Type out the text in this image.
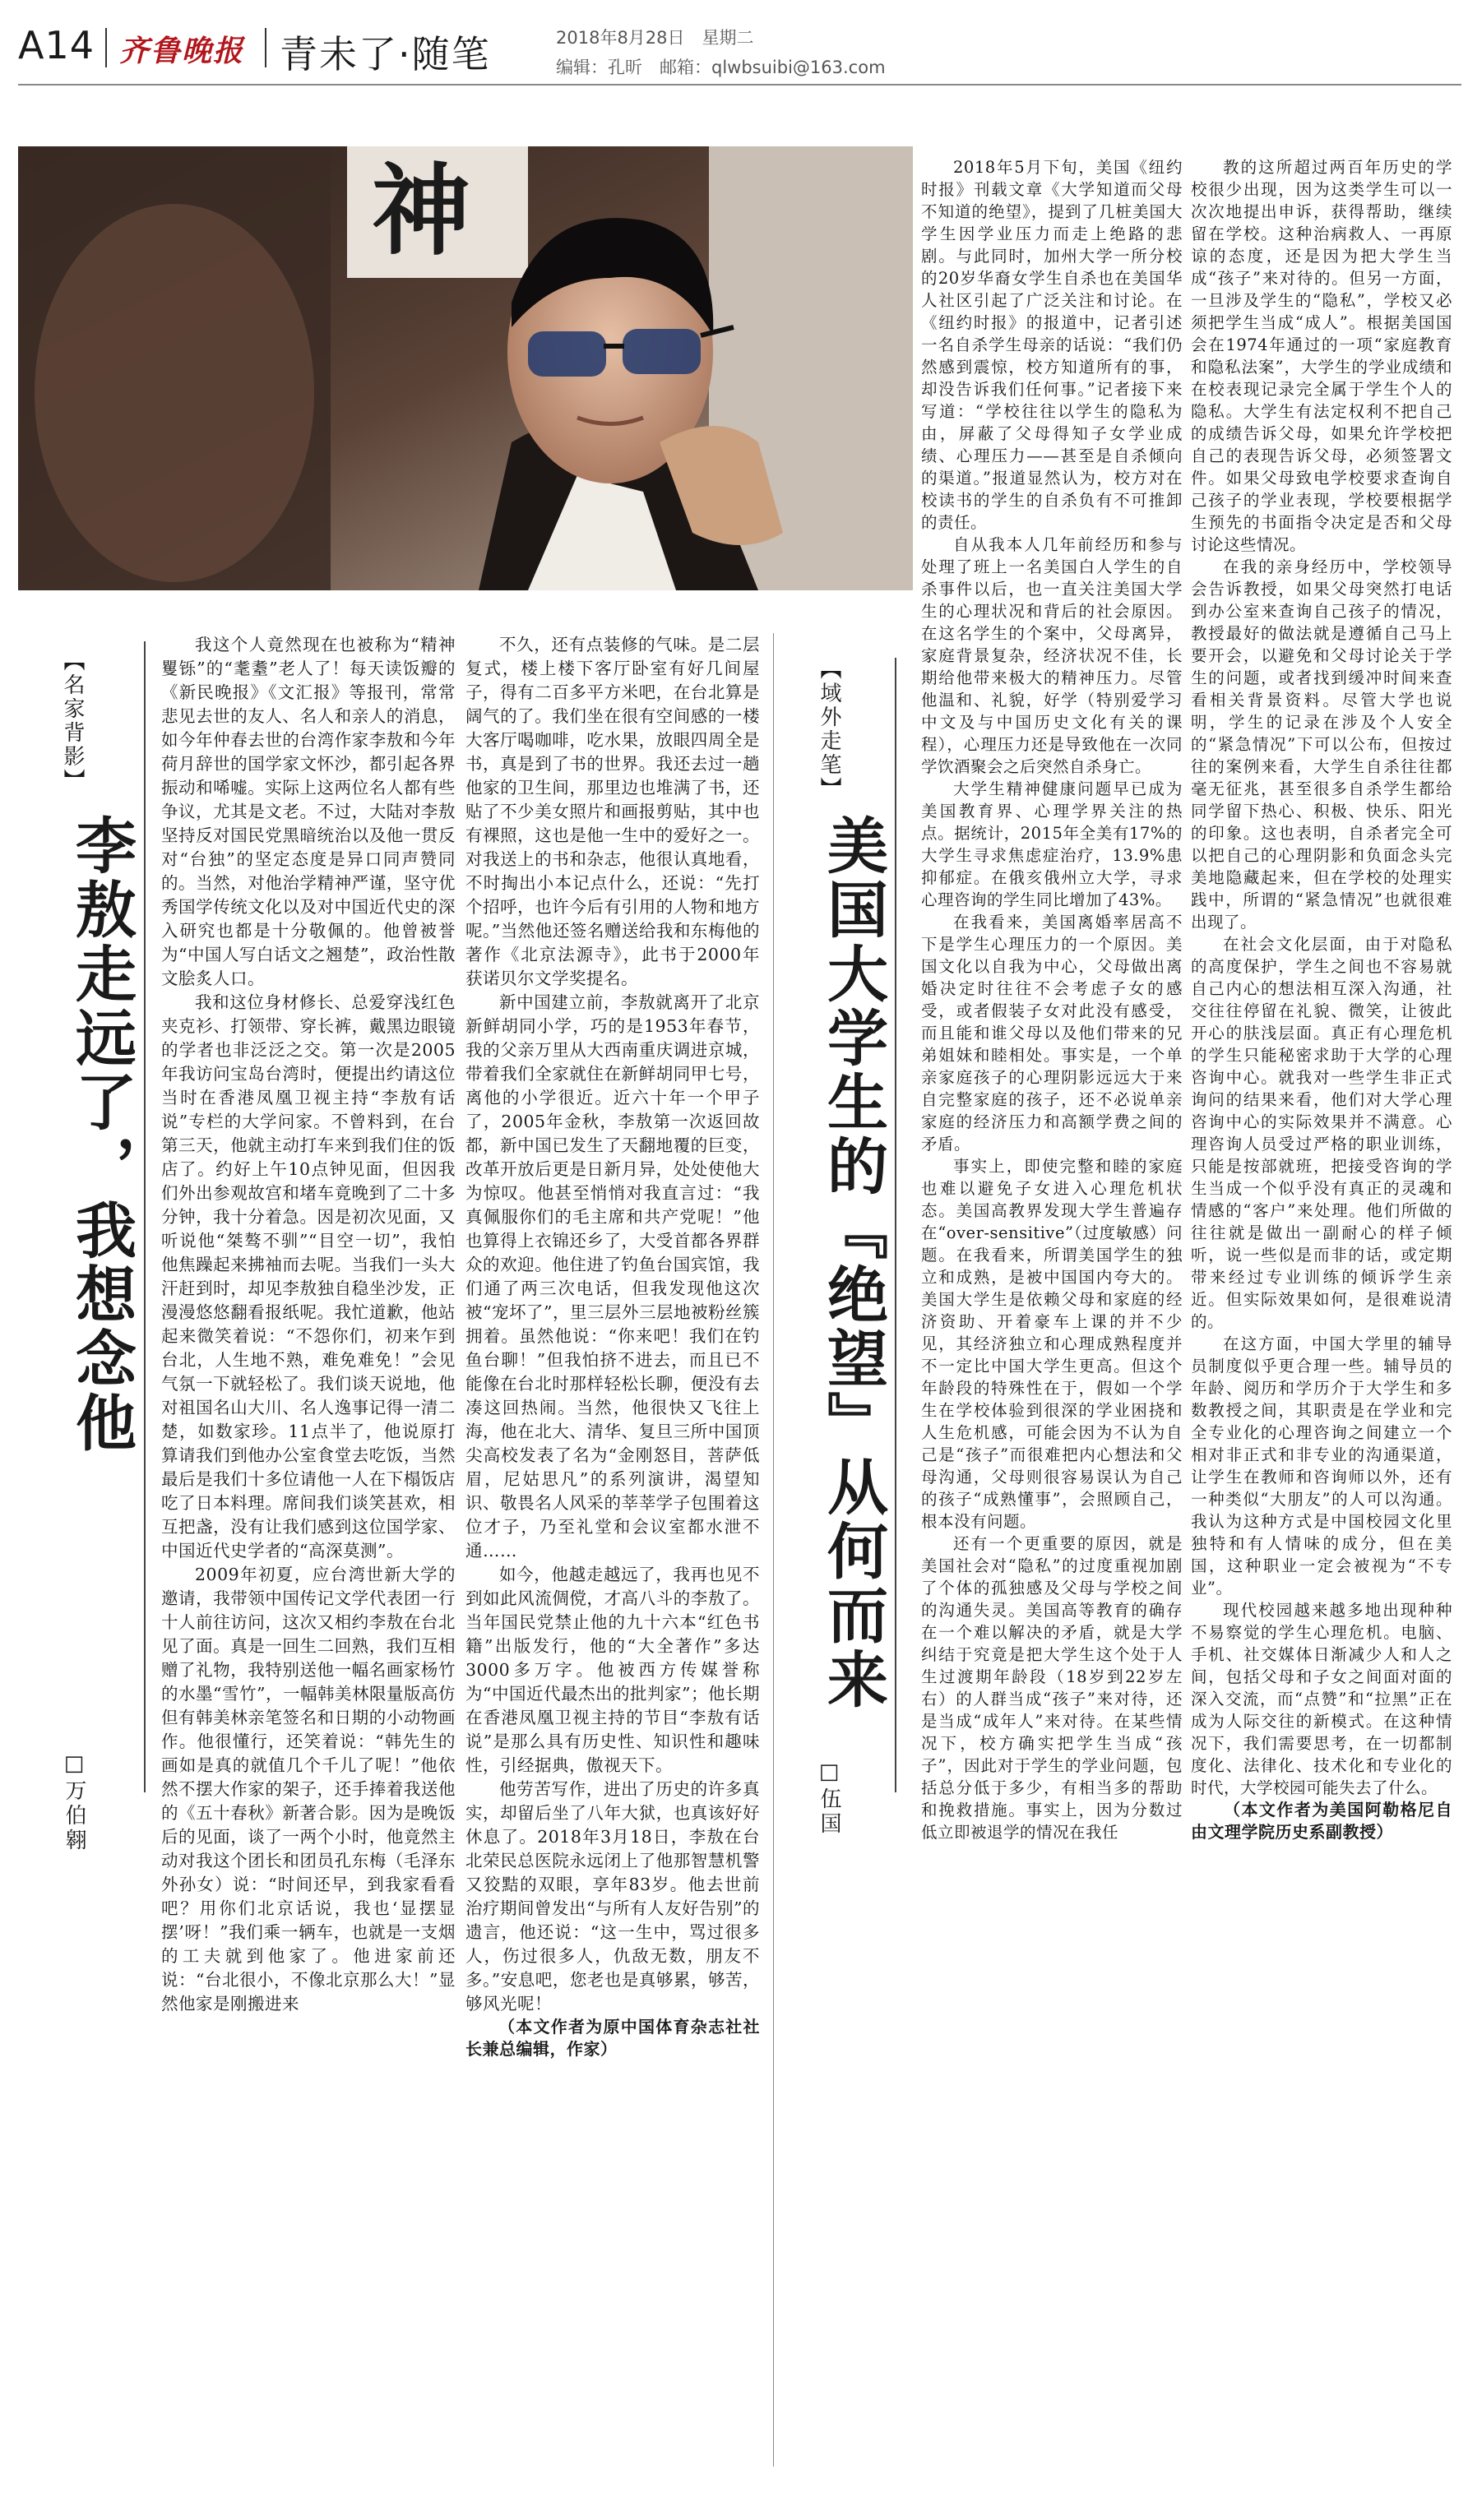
A14 齐鲁晚报 青未了·随笔	2018年8月28日　星期二
编辑：孔昕　邮箱：qlwbsuibi@163.com
神
【名家背影】
李敖走远了，我想念他
□万伯翱

我这个人竟然现在也被称为“精神矍铄”的“耄耋”老人了！每天读饭瓣的《新民晚报》《文汇报》等报刊，常常悲见去世的友人、名人和亲人的消息，如今年仲春去世的台湾作家李敖和今年荷月辞世的国学家文怀沙，都引起各界振动和唏嘘。实际上这两位名人都有些争议，尤其是文老。不过，大陆对李敖坚持反对国民党黑暗统治以及他一贯反对“台独”的坚定态度是异口同声赞同的。当然，对他治学精神严谨，坚守优秀国学传统文化以及对中国近代史的深入研究也都是十分敬佩的。他曾被誉为“中国人写白话文之翘楚”，政治性散文脍炙人口。

我和这位身材修长、总爱穿浅红色夹克衫、打领带、穿长裤，戴黑边眼镜的学者也非泛泛之交。第一次是2005年我访问宝岛台湾时，便提出约请这位当时在香港凤凰卫视主持“李敖有话说”专栏的大学问家。不曾料到，在台第三天，他就主动打车来到我们住的饭店了。约好上午10点钟见面，但因我们外出参观故宫和堵车竟晚到了二十多分钟，我十分着急。因是初次见面，又听说他“桀骜不驯”“目空一切”，我怕他焦躁起来拂袖而去呢。当我们一头大汗赶到时，却见李敖独自稳坐沙发，正漫漫悠悠翻看报纸呢。我忙道歉，他站起来微笑着说：“不怨你们，初来乍到台北，人生地不熟，难免难免！”会见气氛一下就轻松了。我们谈天说地，他对祖国名山大川、名人逸事记得一清二楚，如数家珍。11点半了，他说原打算请我们到他办公室食堂去吃饭，当然最后是我们十多位请他一人在下榻饭店吃了日本料理。席间我们谈笑甚欢，相互把盏，没有让我们感到这位国学家、中国近代史学者的“高深莫测”。

2009年初夏，应台湾世新大学的邀请，我带领中国传记文学代表团一行十人前往访问，这次又相约李敖在台北见了面。真是一回生二回熟，我们互相赠了礼物，我特别送他一幅名画家杨竹的水墨“雪竹”，一幅韩美林限量版高仿但有韩美林亲笔签名和日期的小动物画作。他很懂行，还笑着说：“韩先生的画如是真的就值几个千儿了呢！”他依然不摆大作家的架子，还手捧着我送他的《五十春秋》新著合影。因为是晚饭后的见面，谈了一两个小时，他竟然主动对我这个团长和团员孔东梅（毛泽东外孙女）说：“时间还早，到我家看看吧？用你们北京话说，我也‘显摆显摆’呀！”我们乘一辆车，也就是一支烟的工夫就到他家了。他进家前还说：“台北很小，不像北京那么大！”显然他家是刚搬进来

不久，还有点装修的气味。是二层复式，楼上楼下客厅卧室有好几间屋子，得有二百多平方米吧，在台北算是阔气的了。我们坐在很有空间感的一楼大客厅喝咖啡，吃水果，放眼四周全是书，真是到了书的世界。我还去过一趟他家的卫生间，那里边也堆满了书，还贴了不少美女照片和画报剪贴，其中也有裸照，这也是他一生中的爱好之一。对我送上的书和杂志，他很认真地看，不时掏出小本记点什么，还说：“先打个招呼，也许今后有引用的人物和地方呢。”当然他还签名赠送给我和东梅他的著作《北京法源寺》，此书于2000年获诺贝尔文学奖提名。

新中国建立前，李敖就离开了北京新鲜胡同小学，巧的是1953年春节，我的父亲万里从大西南重庆调进京城，带着我们全家就住在新鲜胡同甲七号，离他的小学很近。近六十年一个甲子了，2005年金秋，李敖第一次返回故都，新中国已发生了天翻地覆的巨变，改革开放后更是日新月异，处处使他大为惊叹。他甚至悄悄对我直言过：“我真佩服你们的毛主席和共产党呢！”他也算得上衣锦还乡了，大受首都各界群众的欢迎。他住进了钓鱼台国宾馆，我们通了两三次电话，但我发现他这次被“宠坏了”，里三层外三层地被粉丝簇拥着。虽然他说：“你来吧！我们在钓鱼台聊！”但我怕挤不进去，而且已不能像在台北时那样轻松长聊，便没有去凑这回热闹。当然，他很快又飞往上海，他在北大、清华、复旦三所中国顶尖高校发表了名为“金刚怒目，菩萨低眉，尼姑思凡”的系列演讲，渴望知识、敬畏名人风采的莘莘学子包围着这位才子，乃至礼堂和会议室都水泄不通……

如今，他越走越远了，我再也见不到如此风流倜傥，才高八斗的李敖了。当年国民党禁止他的九十六本“红色书籍”出版发行，他的“大全著作”多达3000多万字。他被西方传媒誉称为“中国近代最杰出的批判家”；他长期在香港凤凰卫视主持的节目“李敖有话说”是那么具有历史性、知识性和趣味性，引经据典，傲视天下。

他劳苦写作，进出了历史的许多真实，却留后坐了八年大狱，也真该好好休息了。2018年3月18日，李敖在台北荣民总医院永远闭上了他那智慧机警又狡黠的双眼，享年83岁。他去世前治疗期间曾发出“与所有人友好告别”的遗言，他还说：“这一生中，骂过很多人，伤过很多人，仇敌无数，朋友不多。”安息吧，您老也是真够累，够苦，够风光呢！

（本文作者为原中国体育杂志社社长兼总编辑，作家）

【域外走笔】
美国大学生的『绝望』从何而来
□伍国

2018年5月下旬，美国《纽约时报》刊载文章《大学知道而父母不知道的绝望》，提到了几桩美国大学生因学业压力而走上绝路的悲剧。与此同时，加州大学一所分校的20岁华裔女学生自杀也在美国华人社区引起了广泛关注和讨论。在《纽约时报》的报道中，记者引述一名自杀学生母亲的话说：“我们仍然感到震惊，校方知道所有的事，却没告诉我们任何事。”记者接下来写道：“学校往往以学生的隐私为由，屏蔽了父母得知子女学业成绩、心理压力——甚至是自杀倾向的渠道。”报道显然认为，校方对在校读书的学生的自杀负有不可推卸的责任。

自从我本人几年前经历和参与处理了班上一名美国白人学生的自杀事件以后，也一直关注美国大学生的心理状况和背后的社会原因。在这名学生的个案中，父母离异，家庭背景复杂，经济状况不佳，长期给他带来极大的精神压力。尽管他温和、礼貌，好学（特别爱学习中文及与中国历史文化有关的课程），心理压力还是导致他在一次同学饮酒聚会之后突然自杀身亡。

大学生精神健康问题早已成为美国教育界、心理学界关注的热点。据统计，2015年全美有17%的大学生寻求焦虑症治疗，13.9%患抑郁症。在俄亥俄州立大学，寻求心理咨询的学生同比增加了43%。

在我看来，美国离婚率居高不下是学生心理压力的一个原因。美国文化以自我为中心，父母做出离婚决定时往往不会考虑子女的感受，或者假装子女对此没有感受，而且能和谁父母以及他们带来的兄弟姐妹和睦相处。事实是，一个单亲家庭孩子的心理阴影远远大于来自完整家庭的孩子，还不必说单亲家庭的经济压力和高额学费之间的矛盾。

事实上，即使完整和睦的家庭也难以避免子女进入心理危机状态。美国高教界发现大学生普遍存在“over-sensitive”（过度敏感）问题。在我看来，所谓美国学生的独立和成熟，是被中国国内夸大的。美国大学生是依赖父母和家庭的经济资助、开着豪车上课的并不少见，其经济独立和心理成熟程度并不一定比中国大学生更高。但这个年龄段的特殊性在于，假如一个学生在学校体验到很深的学业困挠和人生危机感，可能会因为不认为自己是“孩子”而很难把内心想法和父母沟通，父母则很容易误认为自己的孩子“成熟懂事”，会照顾自己，根本没有问题。

还有一个更重要的原因，就是美国社会对“隐私”的过度重视加剧了个体的孤独感及父母与学校之间的沟通失灵。美国高等教育的确存在一个难以解决的矛盾，就是大学纠结于究竟是把大学生这个处于人生过渡期年龄段（18岁到22岁左右）的人群当成“孩子”来对待，还是当成“成年人”来对待。在某些情况下，校方确实把学生当成“孩子”，因此对于学生的学业问题，包括总分低于多少，有相当多的帮助和挽救措施。事实上，因为分数过低立即被退学的情况在我任

教的这所超过两百年历史的学校很少出现，因为这类学生可以一次次地提出申诉，获得帮助，继续留在学校。这种治病救人、一再原谅的态度，还是因为把大学生当成“孩子”来对待的。但另一方面，一旦涉及学生的“隐私”，学校又必须把学生当成“成人”。根据美国国会在1974年通过的一项“家庭教育和隐私法案”，大学生的学业成绩和在校表现记录完全属于学生个人的隐私。大学生有法定权利不把自己的成绩告诉父母，如果允许学校把自己的表现告诉父母，必须签署文件。如果父母致电学校要求查询自己孩子的学业表现，学校要根据学生预先的书面指令决定是否和父母讨论这些情况。

在我的亲身经历中，学校领导会告诉教授，如果父母突然打电话到办公室来查询自己孩子的情况，教授最好的做法就是遵循自己马上要开会，以避免和父母讨论关于学生的问题，或者找到缓冲时间来查看相关背景资料。尽管大学也说明，学生的记录在涉及个人安全的“紧急情况”下可以公布，但按过往的案例来看，大学生自杀往往都毫无征兆，甚至很多自杀学生都给同学留下热心、积极、快乐、阳光的印象。这也表明，自杀者完全可以把自己的心理阴影和负面念头完美地隐藏起来，但在学校的处理实践中，所谓的“紧急情况”也就很难出现了。

在社会文化层面，由于对隐私的高度保护，学生之间也不容易就自己内心的想法相互深入沟通，社交往往停留在礼貌、微笑，让彼此开心的肤浅层面。真正有心理危机的学生只能秘密求助于大学的心理咨询中心。就我对一些学生非正式询问的结果来看，他们对大学心理咨询中心的实际效果并不满意。心理咨询人员受过严格的职业训练，只能是按部就班，把接受咨询的学生当成一个似乎没有真正的灵魂和情感的“客户”来处理。他们所做的往往就是做出一副耐心的样子倾听，说一些似是而非的话，或定期带来经过专业训练的倾诉学生亲近。但实际效果如何，是很难说清的。

在这方面，中国大学里的辅导员制度似乎更合理一些。辅导员的年龄、阅历和学历介于大学生和多数教授之间，其职责是在学业和完全专业化的心理咨询之间建立一个相对非正式和非专业的沟通渠道，让学生在教师和咨询师以外，还有一种类似“大朋友”的人可以沟通。我认为这种方式是中国校园文化里独特和有人情味的成分，但在美国，这种职业一定会被视为“不专业”。

现代校园越来越多地出现种种不易察觉的学生心理危机。电脑、手机、社交媒体日渐减少人和人之间，包括父母和子女之间面对面的深入交流，而“点赞”和“拉黑”正在成为人际交往的新模式。在这种情况下，我们需要思考，在一切都制度化、法律化、技术化和专业化的时代，大学校园可能失去了什么。

（本文作者为美国阿勒格尼自由文理学院历史系副教授）
